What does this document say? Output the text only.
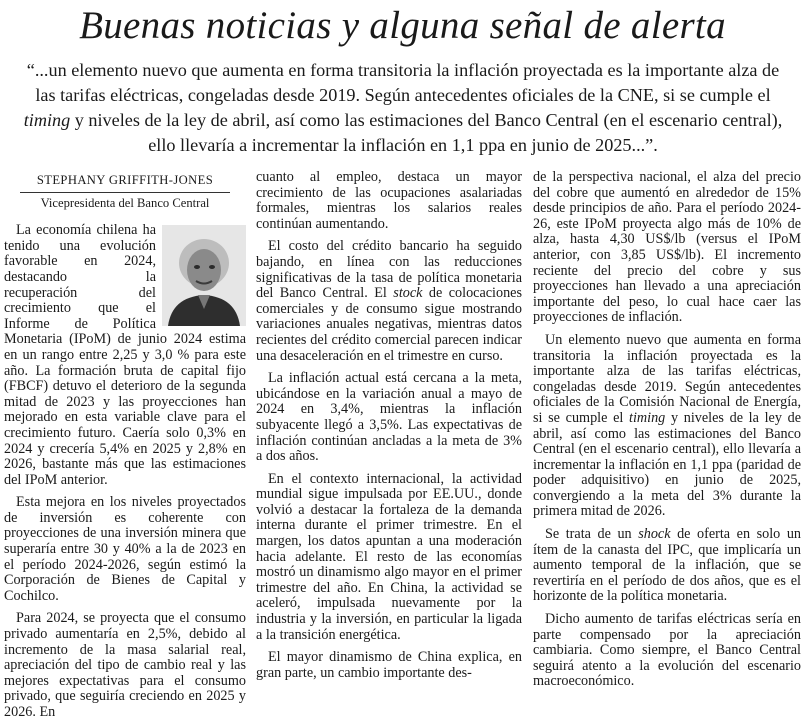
Buenas noticias y alguna señal de alerta
“...un elemento nuevo que aumenta en forma transitoria la inflación proyectada es la importante alza de las tarifas eléctricas, congeladas desde 2019. Según antecedentes oficiales de la CNE, si se cumple el timing y niveles de la ley de abril, así como las estimaciones del Banco Central (en el escenario central), ello llevaría a incrementar la inflación en 1,1 ppa en junio de 2025...”.
STEPHANY GRIFFITH-JONES
Vicepresidenta del Banco Central

La economía chilena ha tenido una evolución favorable en 2024, destacando la recuperación del crecimiento que el Informe de Política Monetaria (IPoM) de junio 2024 estima en un rango entre 2,25 y 3,0 % para este año. La formación bruta de capital fijo (FBCF) detuvo el deterioro de la segunda mitad de 2023 y las proyecciones han mejorado en esta variable clave para el crecimiento futuro. Caería solo 0,3% en 2024 y crecería 5,4% en 2025 y 2,8% en 2026, bastante más que las estimaciones del IPoM anterior.

Esta mejora en los niveles proyectados de inversión es coherente con proyecciones de una inversión minera que superaría entre 30 y 40% a la de 2023 en el período 2024-2026, según estimó la Corporación de Bienes de Capital y Cochilco.

Para 2024, se proyecta que el consumo privado aumentaría en 2,5%, debido al incremento de la masa salarial real, apreciación del tipo de cambio real y las mejores expectativas para el consumo privado, que seguiría creciendo en 2025 y 2026. En

cuanto al empleo, destaca un mayor crecimiento de las ocupaciones asalariadas formales, mientras los salarios reales continúan aumentando.

El costo del crédito bancario ha seguido bajando, en línea con las reducciones significativas de la tasa de política monetaria del Banco Central. El stock de colocaciones comerciales y de consumo sigue mostrando variaciones anuales negativas, mientras datos recientes del crédito comercial parecen indicar una desaceleración en el trimestre en curso.

La inflación actual está cercana a la meta, ubicándose en la variación anual a mayo de 2024 en 3,4%, mientras la inflación subyacente llegó a 3,5%. Las expectativas de inflación continúan ancladas a la meta de 3% a dos años.

En el contexto internacional, la actividad mundial sigue impulsada por EE.UU., donde volvió a destacar la fortaleza de la demanda interna durante el primer trimestre. En el margen, los datos apuntan a una moderación hacia adelante. El resto de las economías mostró un dinamismo algo mayor en el primer trimestre del año. En China, la actividad se aceleró, impulsada nuevamente por la industria y la inversión, en particular la ligada a la transición energética.

El mayor dinamismo de China explica, en gran parte, un cambio importante des-

de la perspectiva nacional, el alza del precio del cobre que aumentó en alrededor de 15% desde principios de año. Para el período 2024-26, este IPoM proyecta algo más de 10% de alza, hasta 4,30 US$/lb (versus el IPoM anterior, con 3,85 US$/lb). El incremento reciente del precio del cobre y sus proyecciones han llevado a una apreciación importante del peso, lo cual hace caer las proyecciones de inflación.

Un elemento nuevo que aumenta en forma transitoria la inflación proyectada es la importante alza de las tarifas eléctricas, congeladas desde 2019. Según antecedentes oficiales de la Comisión Nacional de Energía, si se cumple el timing y niveles de la ley de abril, así como las estimaciones del Banco Central (en el escenario central), ello llevaría a incrementar la inflación en 1,1 ppa (paridad de poder adquisitivo) en junio de 2025, convergiendo a la meta del 3% durante la primera mitad de 2026.

Se trata de un shock de oferta en solo un ítem de la canasta del IPC, que implicaría un aumento temporal de la inflación, que se revertiría en el período de dos años, que es el horizonte de la política monetaria.

Dicho aumento de tarifas eléctricas sería en parte compensado por la apreciación cambiaria. Como siempre, el Banco Central seguirá atento a la evolución del escenario macroeconómico.
